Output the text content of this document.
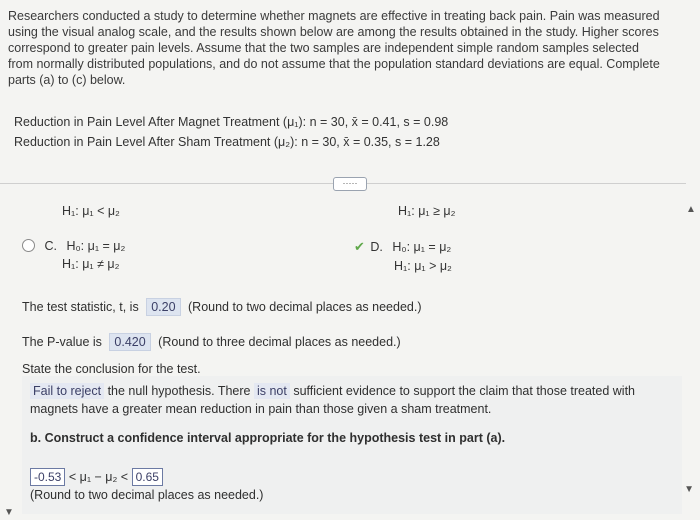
Researchers conducted a study to determine whether magnets are effective in treating back pain. Pain was measured
using the visual analog scale, and the results shown below are among the results obtained in the study. Higher scores
correspond to greater pain levels. Assume that the two samples are independent simple random samples selected
from normally distributed populations, and do not assume that the population standard deviations are equal. Complete
parts (a) to (c) below.
Reduction in Pain Level After Magnet Treatment (μ₁): n = 30, x̄ = 0.41, s = 0.98
Reduction in Pain Level After Sham Treatment (μ₂): n = 30, x̄ = 0.35, s = 1.28
·····
▲
▼
▼
H₁: μ₁ < μ₂	H₁: μ₁ ≥ μ₂
C. H₀: μ₁ = μ₂
H₁: μ₁ ≠ μ₂
✔ D. H₀: μ₁ = μ₂
H₁: μ₁ > μ₂
The test statistic, t, is 0.20 (Round to two decimal places as needed.)
The P-value is 0.420 (Round to three decimal places as needed.)
State the conclusion for the test.
Fail to reject the null hypothesis. There is not sufficient evidence to support the claim that those treated with
magnets have a greater mean reduction in pain than those given a sham treatment.
b. Construct a confidence interval appropriate for the hypothesis test in part (a).
-0.53 < μ₁ − μ₂ < 0.65
(Round to two decimal places as needed.)
